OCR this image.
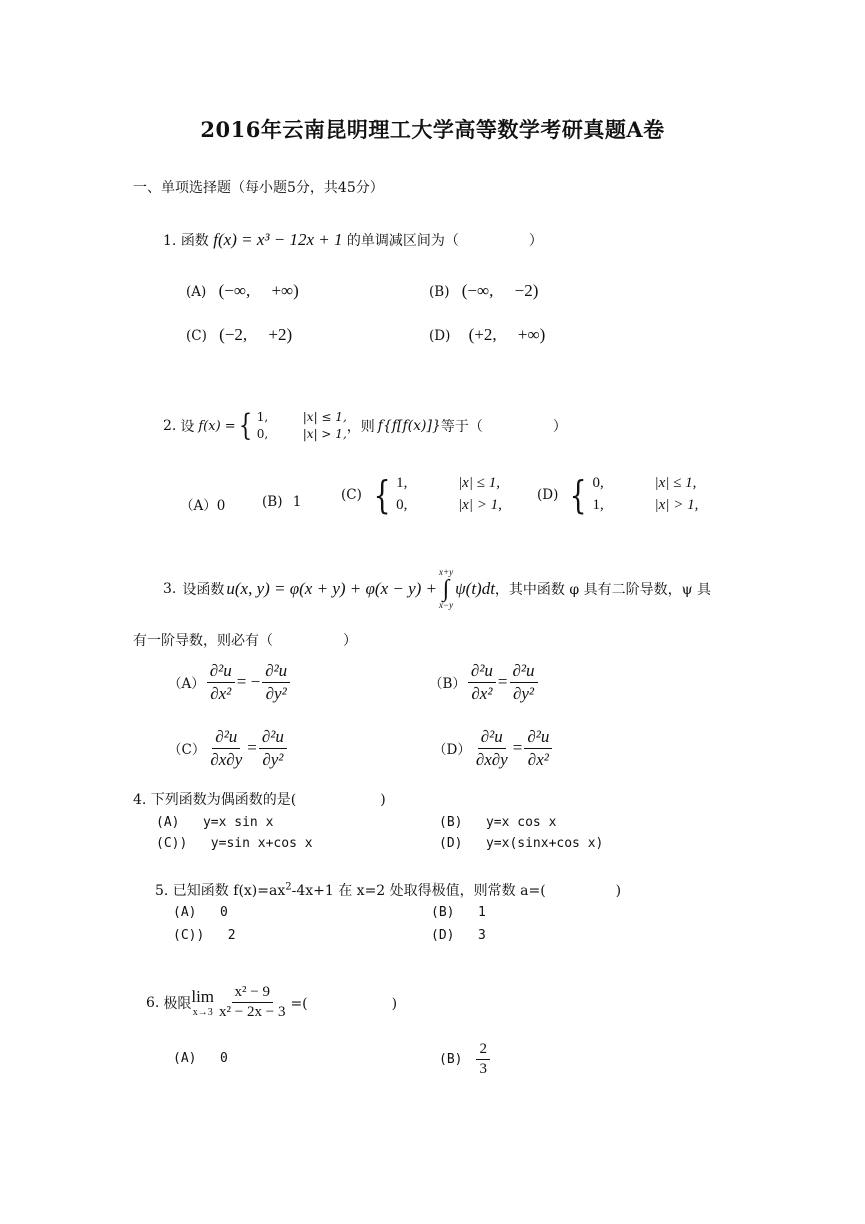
2016年云南昆明理工大学高等数学考研真题A卷
一、单项选择题（每小题5分，共45分）
1. 函数 f(x) = x³ − 12x + 1 的单调减区间为（　　　　　）
(A) (−∞,　 +∞)	(B) (−∞,　 −2)
(C) (−2,　 +2)	(D) (+2,　 +∞)
2. 设 f(x) = { 1,	|x| ≤ 1,
0,	|x| > 1, ，则 f{f[f(x)]} 等于（　　　　　）
（A）0	(B) 1	(C) { 1,	|x| ≤ 1,
0,	|x| > 1,
(D) { 0,	|x| ≤ 1,
1,	|x| > 1,
3. 设函数 u(x, y) = φ(x + y) + φ(x − y) +
x+y
∫
x−y
ψ(t)dt ，其中函数 φ 具有二阶导数，ψ 具
有一阶导数，则必有（　　　　　）
$(A) \frac{\text{∂²u}}{\text{∂x²}}$ = − $\frac{\text{∂²u}}{\text{∂y²}}$	$(B) \frac{\text{∂²u}}{\text{∂x²}} = \frac{\text{∂²u}}{\text{∂y²}}$
$(C) \frac{\text{∂²u}}{\partial x\partial y} = \frac{\text{∂²u}}{\text{∂y²}}$	$(D) \frac{\text{∂²u}}{\partial x\partial y} = \frac{\text{∂²u}}{\text{∂x²}}$
4. 下列函数为偶函数的是(　　　　　　)
(A) y=x sin x	(B) y=x cos x
(C)) y=sin x+cos x	(D) y=x(sinx+cos x)
5. 已知函数 $f(x)=ax^2-4x+1$ 在 x=2 处取得极值，则常数 a=(　　　　　)
(A) 0	(B) 1
(C)) 2	(D) 3
6. 极限 lim
$x\to 3 \frac{\text{x² − 9}}{\text{x² − 2x − 3}}$ =(　　　　　　)
(A) 0	$(B) \frac{2}{3}$
